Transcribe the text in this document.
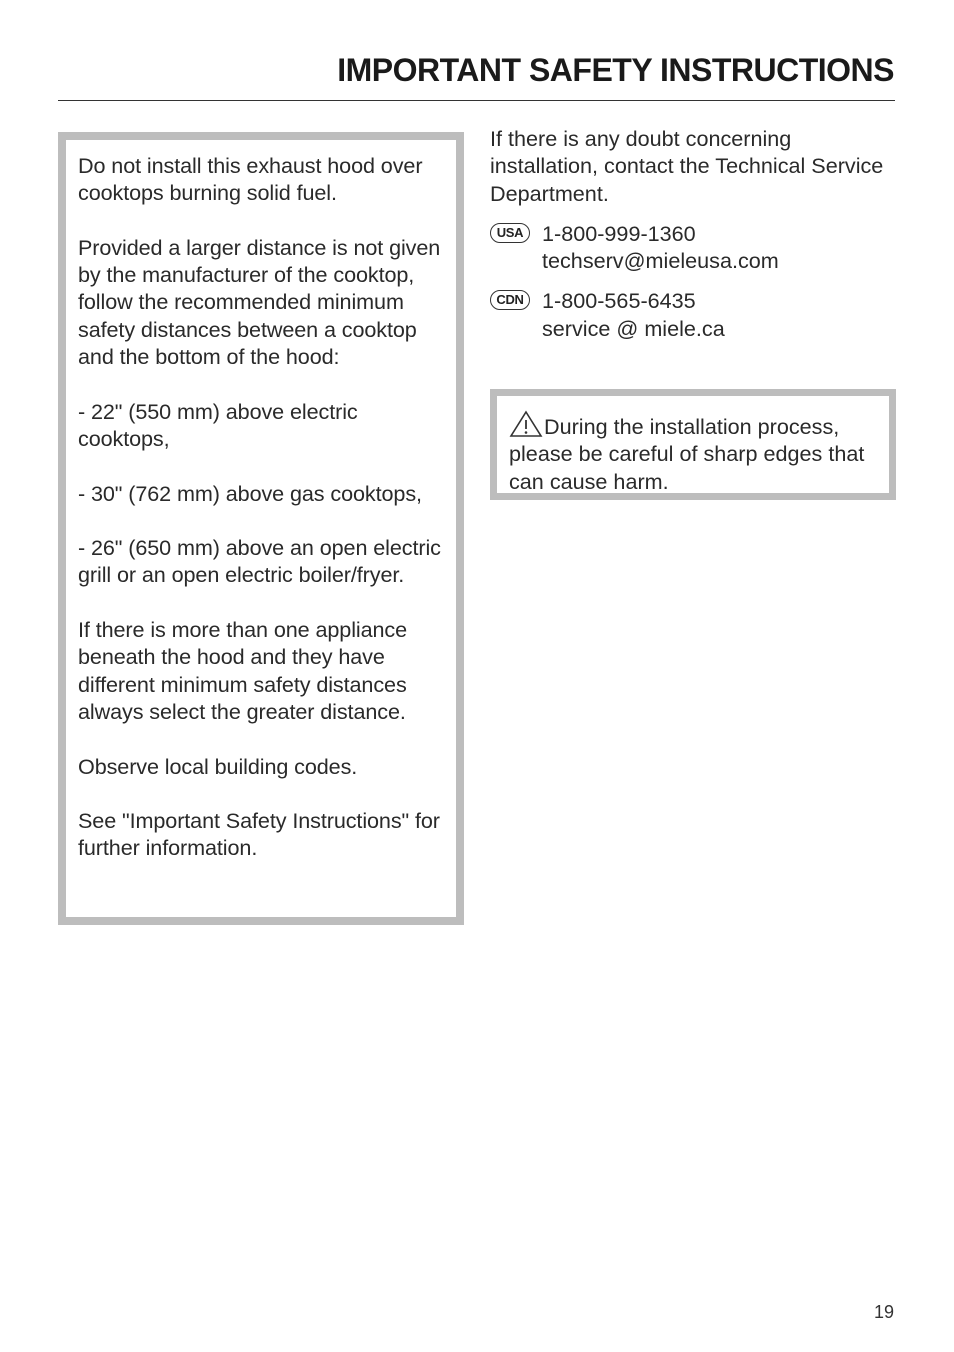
IMPORTANT SAFETY INSTRUCTIONS

Do not install this exhaust hood over cooktops burning solid fuel.

Provided a larger distance is not given by the manufacturer of the cooktop, follow the recommended minimum safety distances between a cooktop and the bottom of the hood:

- 22" (550 mm) above electric cooktops,

- 30" (762 mm) above gas cooktops,

- 26" (650 mm) above an open electric grill or an open electric boiler/fryer.

If there is more than one appliance beneath the hood and they have different minimum safety distances always select the greater distance.

Observe local building codes.

See "Important Safety Instructions" for further information.

If there is any doubt concerning installation, contact the Technical Service Department.

USA 1-800-999-1360
techserv@mieleusa.com
CDN 1-800-565-6435
service @ miele.ca
During the installation process, please be careful of sharp edges that can cause harm.
19
